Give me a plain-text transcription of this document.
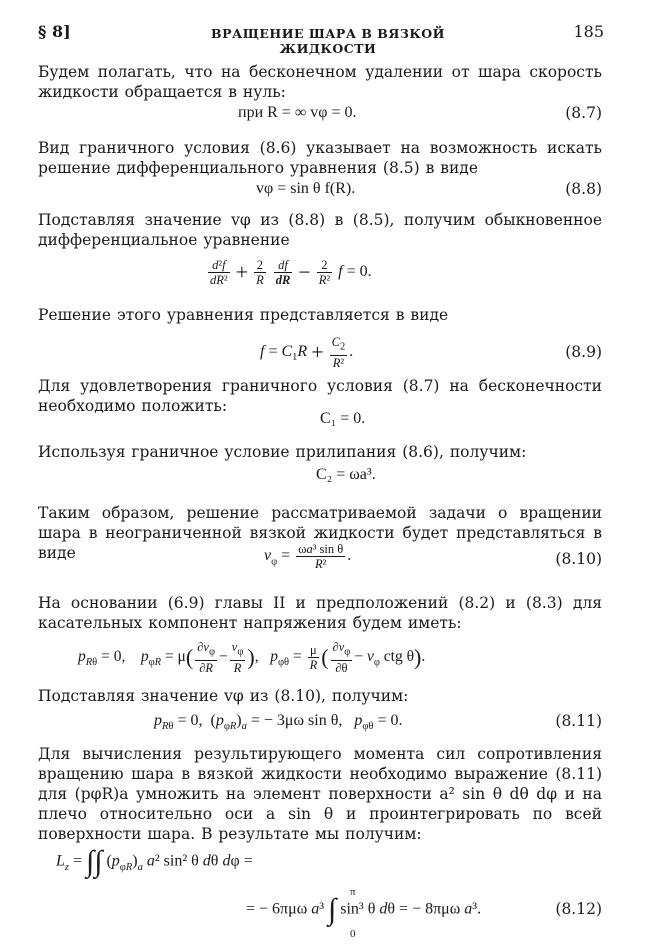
§ 8]	ВРАЩЕНИЕ ШАРА В ВЯЗКОЙ ЖИДКОСТИ
185
Будем полагать, что на бесконечном удалении от шара скорость жидкости обращается в нуль:
при R = ∞ vφ = 0.	(8.7)
Вид граничного условия (8.6) указывает на возможность искать решение дифференциального уравнения (8.5) в виде
vφ = sin θ f(R).	(8.8)
Подставляя значение vφ из (8.8) в (8.5), получим обыкновенное дифференциальное уравнение
$\frac{\text{d²f}}{\text{dR²}} + \frac{2}{R}$
$\frac{df}{dR} - \frac{2}{\text{R²}}$ f = 0.
Решение этого уравнения представляется в виде
$f = C_1R + \frac{C_2}{\text{R²}}$ .	(8.9)
Для удовлетворения граничного условия (8.7) на бесконечности необходимо положить:
C₁ = 0.
Используя граничное условие прилипания (8.6), получим:
C₂ = ωa³.
Таким образом, решение рассматриваемой задачи о вращении шара в неограниченной вязкой жидкости будет представляться в виде	$v_\varphi = \frac{\text{ωa³ sin θ}}{\text{R²}}$ .	(8.10)
На основании (6.9) главы II и предположений (8.2) и (8.3) для касательных компонент напряжения будем иметь:
$p_{R\theta} = 0$,    $p_{\varphi R} = \mu( \frac{\partial v_\varphi}{\partial R} - \frac{v_\varphi}{R}$ ),   $p_{\varphi\theta} = \frac{\mu}{R}$ ( $\frac{\partial v_\varphi}{\partial\theta} - v_\varphi$ ctg θ).
Подставляя значение vφ из (8.10), получим:
$p_{R\theta} = 0$,  $(p_{\varphi R})_a$ = − 3μω sin θ,   $p_{\varphi\theta} = 0$.	(8.11)
Для вычисления результирующего момента сил сопротивления вращению шара в вязкой жидкости необходимо выражение (8.11) для (pφR)a умножить на элемент поверхности a² sin θ dθ dφ и на плечо относительно оси a sin θ и проинтегрировать по всей поверхности шара. В результате мы получим:
$L_z$ = ∫∫ $(p_{\varphi R})_a$ a² sin² θ dθ dφ =
π
0
= − 6πμω a³ ∫ sin³ θ dθ = − 8πμω a³.	(8.12)
